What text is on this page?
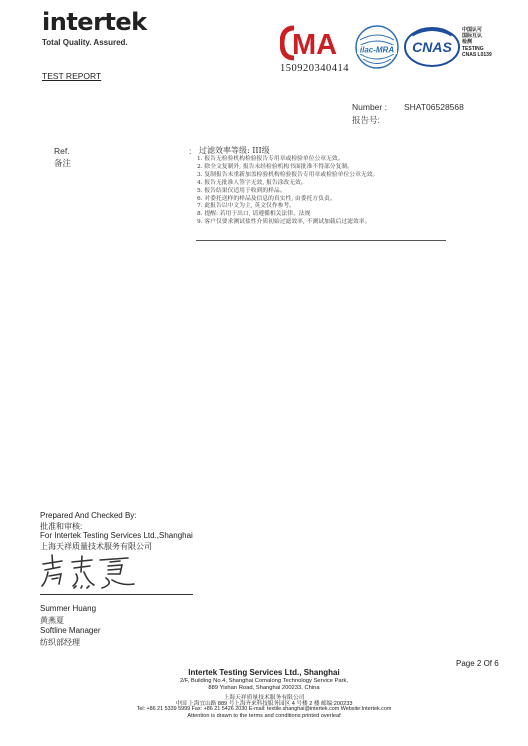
intertek
Total Quality. Assured.
TEST REPORT
MA
150920340414
ilac-MRA CNAS
中国认可
国际互认
检测
TESTING
CNAS L0139
Number : SHAT06528568
报告号:
Ref.
备注
: 过滤效率等级: III级
1. 报告无检验机构检验报告专用章或检验单位公章无效。
2. 除全文复制外, 报告未经检验机构书面批准不得部分复制。
3. 复制报告未重新加盖检验机构检验报告专用章或检验单位公章无效。
4. 报告无批准人签字无效, 报告涂改无效。
5. 报告结果仅适用于收到的样品。
6. 对委托送样的样品及信息的真实性, 由委托方负责。
7. 此报告以中文为主, 英文仅作参考。
8. 提醒: 若用于出口, 请遵循相关法律、法规
9. 客户仅要求测试盐性介质初始过滤效率, 不测试加载后过滤效率。
Prepared And Checked By:
批准和审核:
For Intertek Testing Services Ltd.,Shanghai
上海天祥质量技术服务有限公司
Summer Huang
黄燕夏
Softline Manager
纺织部经理
Page 2 Of 6
Intertek Testing Services Ltd., Shanghai
2/F, Building No.4, Shanghai Comalong Technology Service Park,
889 Yishan Road, Shanghai 200233, China
上海天祥质量技术服务有限公司
中国 上海宜山路 889 号上海齐来科技服务园区 4 号楼 2 楼 邮编:200233
Tel: +86 21 5339 5999 Fax: +86 21 5426 2030 E-mail: textile.shanghai@intertek.com Website:Intertek.com
Attention is drawn to the terms and conditions printed overleaf
